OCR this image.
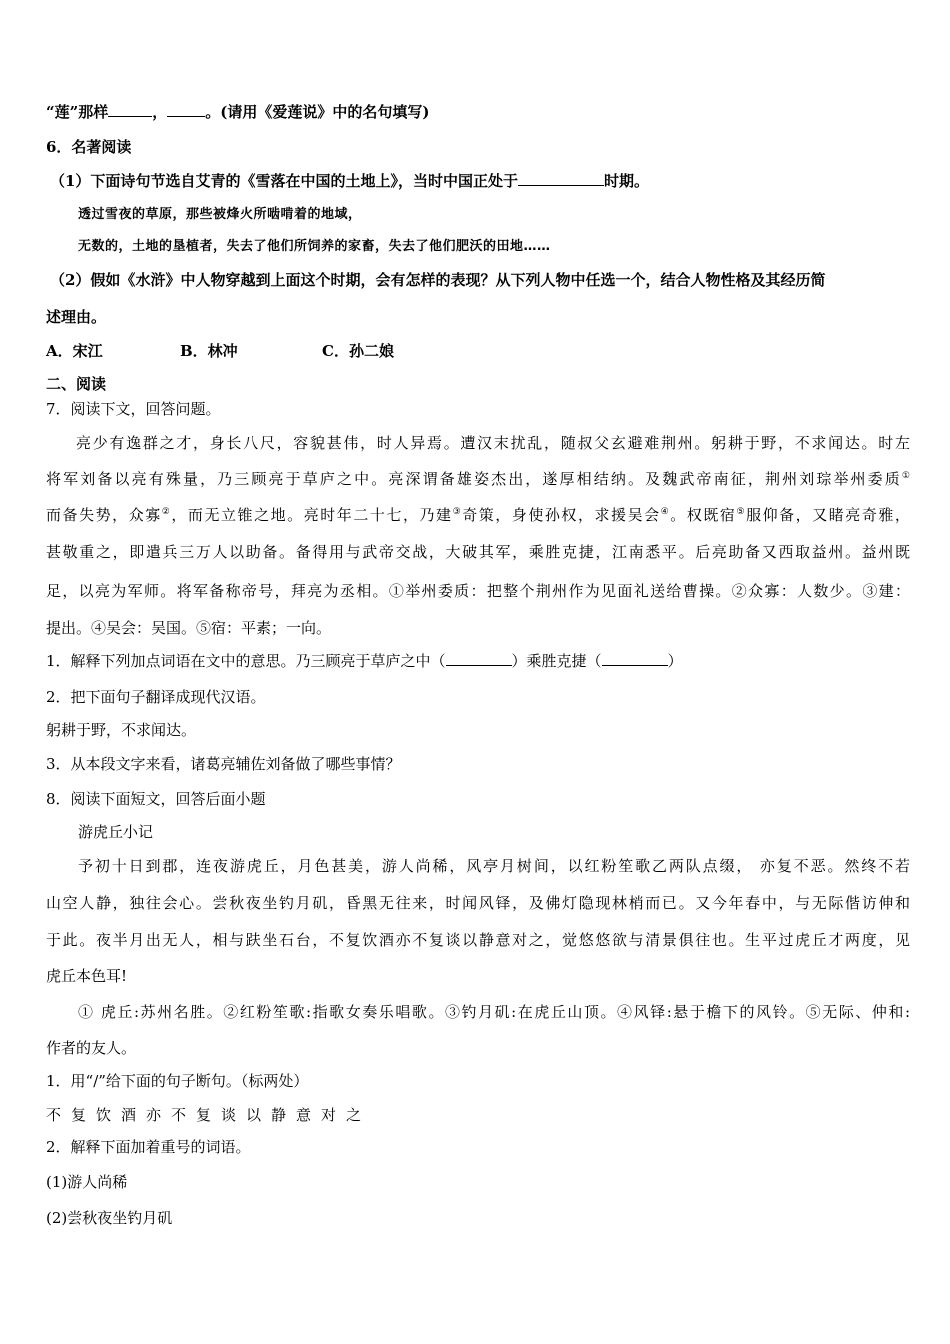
“莲”那样	，	。(请用《爱莲说》中的名句填写)
6．名著阅读
（1）下面诗句节选自艾青的《雪落在中国的土地上》，当时中国正处于	时期。
透过雪夜的草原，那些被烽火所啮啃着的地域，
无数的，土地的垦植者，失去了他们所饲养的家畜，失去了他们肥沃的田地……
（2）假如《水浒》中人物穿越到上面这个时期，会有怎样的表现？从下列人物中任选一个，结合人物性格及其经历简
述理由。
A．宋江	B．林冲	C．孙二娘
二、阅读
7．阅读下文，回答问题。
亮少有逸群之才，身长八尺，容貌甚伟，时人异焉。遭汉末扰乱，随叔父玄避难荆州。躬耕于野，不求闻达。时左
将军刘备以亮有殊量，乃三顾亮于草庐之中。亮深谓备雄姿杰出，遂厚相结纳。及魏武帝南征，荆州刘琮举州委质①
而备失势，众寡②，而无立锥之地。亮时年二十七，乃建③奇策，身使孙权，求援吴会④。权既宿⑤服仰备，又睹亮奇雅，
甚敬重之，即遣兵三万人以助备。备得用与武帝交战，大破其军，乘胜克捷，江南悉平。后亮助备又西取益州。益州既
足，以亮为军师。将军备称帝号，拜亮为丞相。①举州委质：把整个荆州作为见面礼送给曹操。②众寡：人数少。③建：
提出。④吴会：吴国。⑤宿：平素；一向。
1．解释下列加点词语在文中的意思。乃三顾亮于草庐之中（	）乘胜克捷（	）
2．把下面句子翻译成现代汉语。
躬耕于野，不求闻达。
3．从本段文字来看，诸葛亮辅佐刘备做了哪些事情？
8．阅读下面短文，回答后面小题
游虎丘小记
予初十日到郡，连夜游虎丘，月色甚美，游人尚稀，风亭月树间，以红粉笙歌乙两队点缀， 亦复不恶。然终不若
山空人静，独往会心。尝秋夜坐钓月矶，昏黑无往来，时闻风铎，及佛灯隐现林梢而已。又今年春中，与无际偕访伸和
于此。夜半月出无人，相与趺坐石台，不复饮酒亦不复谈以静意对之，觉悠悠欲与清景俱往也。生平过虎丘才两度，见
虎丘本色耳!
① 虎丘:苏州名胜。②红粉笙歌:指歌女奏乐唱歌。③钓月矶:在虎丘山顶。④风铎:悬于檐下的风铃。⑤无际、仲和:
作者的友人。
1．用“/”给下面的句子断句。（标两处）
不复饮酒亦不复谈以静意对之
2．解释下面加着重号的词语。
(1)游人尚稀
(2)尝秋夜坐钓月矶
